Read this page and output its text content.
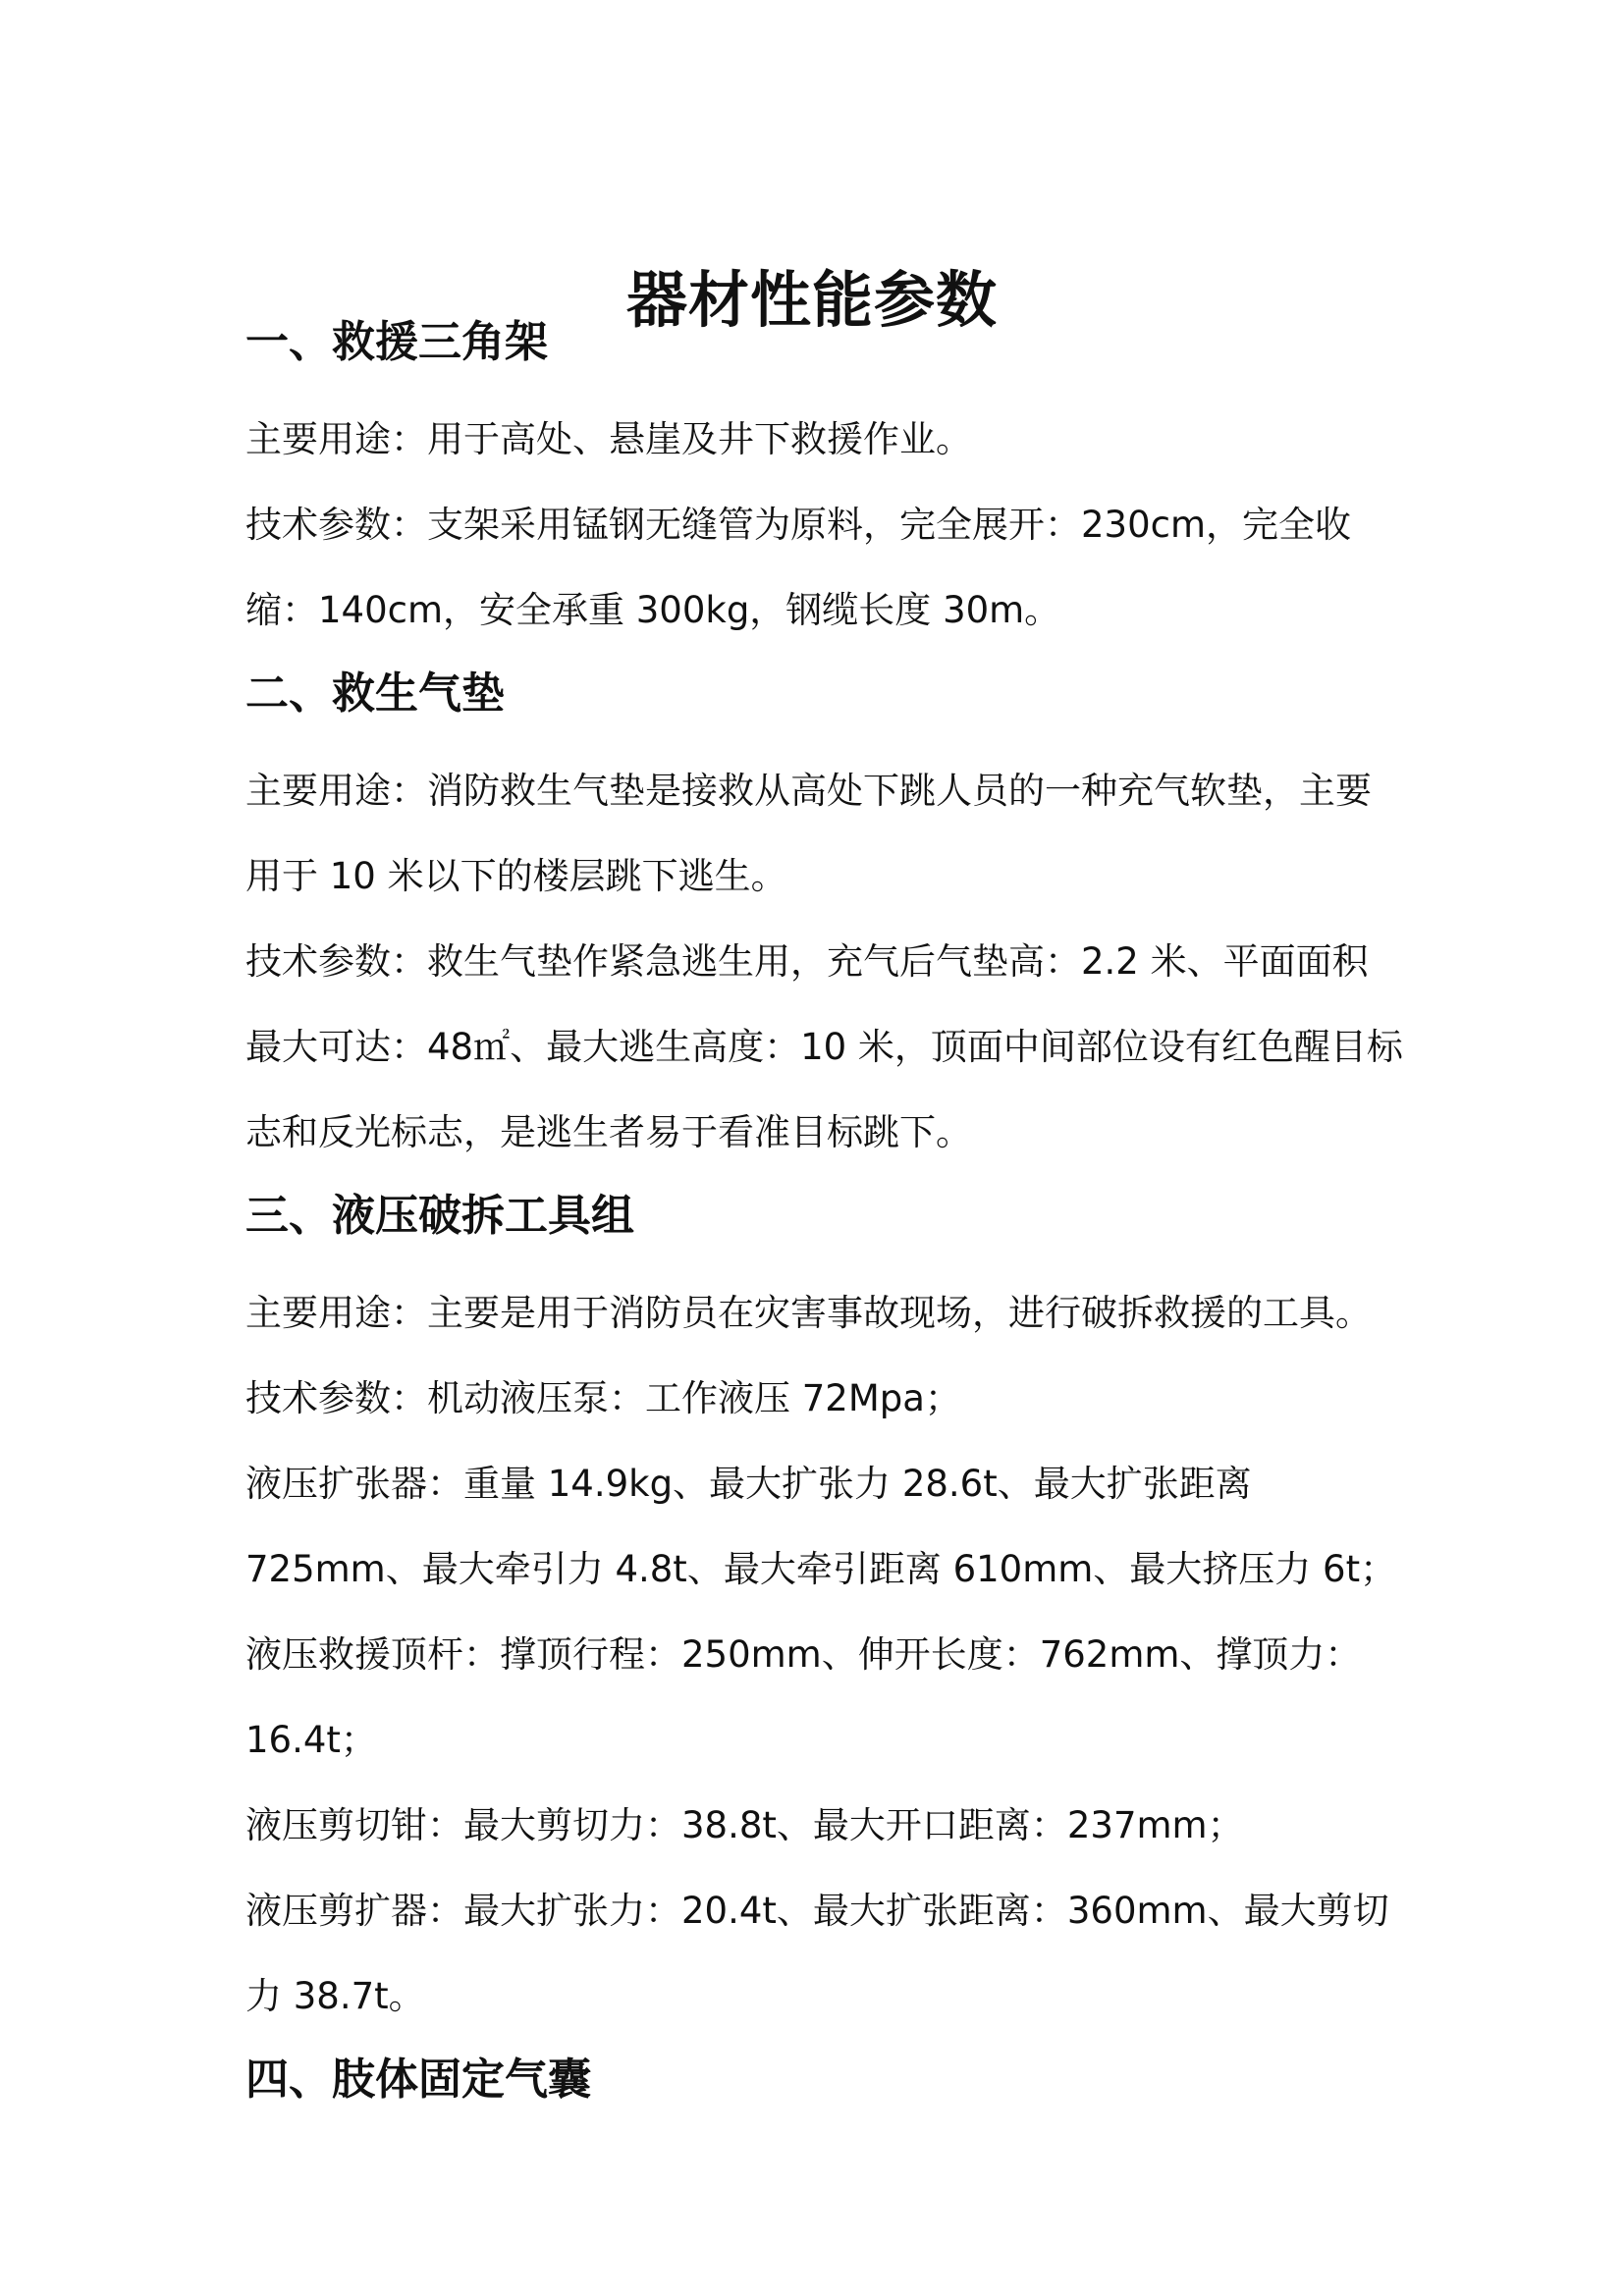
器材性能参数
一、救援三角架

主要用途：用于高处、悬崖及井下救援作业。

技术参数：支架采用锰钢无缝管为原料，完全展开：230cm，完全收缩：140cm，安全承重 300kg，钢缆长度 30m。

二、救生气垫

主要用途：消防救生气垫是接救从高处下跳人员的一种充气软垫，主要用于 10 米以下的楼层跳下逃生。

技术参数：救生气垫作紧急逃生用，充气后气垫高：2.2 米、平面面积最大可达：48㎡、最大逃生高度：10 米，顶面中间部位设有红色醒目标志和反光标志，是逃生者易于看准目标跳下。

三、液压破拆工具组

主要用途：主要是用于消防员在灾害事故现场，进行破拆救援的工具。

技术参数：机动液压泵：工作液压 72Mpa；

液压扩张器：重量 14.9kg、最大扩张力 28.6t、最大扩张距离 725mm、最大牵引力 4.8t、最大牵引距离 610mm、最大挤压力 6t；

液压救援顶杆：撑顶行程：250mm、伸开长度：762mm、撑顶力：16.4t；

液压剪切钳：最大剪切力：38.8t、最大开口距离：237mm；

液压剪扩器：最大扩张力：20.4t、最大扩张距离：360mm、最大剪切力 38.7t。

四、肢体固定气囊
